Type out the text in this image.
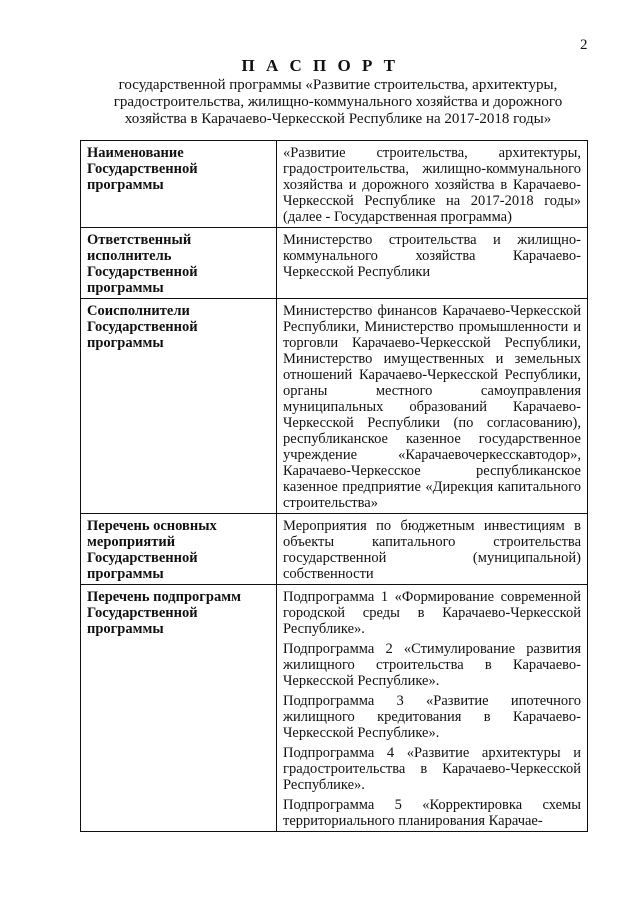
2
П А С П О Р Т
государственной программы «Развитие строительства, архитектуры, градостроительства, жилищно-коммунального хозяйства и дорожного хозяйства в Карачаево-Черкесской Республике на 2017-2018 годы»
Наименование Государственной программы	«Развитие строительства, архитектуры, градостроительства, жилищно-коммунального хозяйства и дорожного хозяйства в Карачаево-Черкесской Республике на 2017-2018 годы» (далее - Государственная программа)
Ответственный исполнитель Государственной программы	Министерство строительства и жилищно-коммунального хозяйства Карачаево-Черкесской Республики
Соисполнители Государственной программы	Министерство финансов Карачаево-Черкесской Республики, Министерство промышленности и торговли Карачаево-Черкесской Республики, Министерство имущественных и земельных отношений Карачаево-Черкесской Республики, органы местного самоуправления муниципальных образований Карачаево-Черкесской Республики (по согласованию), республиканское казенное государственное учреждение «Карачаевочеркесскавтодор», Карачаево-Черкесское республиканское казенное предприятие «Дирекция капитального строительства»
Перечень основных мероприятий Государственной программы	Мероприятия по бюджетным инвестициям в объекты капитального строительства государственной (муниципальной) собственности
Перечень подпрограмм Государственной программы	Подпрограмма 1 «Формирование современной городской среды в Карачаево-Черкесской Республике».
Подпрограмма 2 «Стимулирование развития жилищного строительства в Карачаево-Черкесской Республике».
Подпрограмма 3 «Развитие ипотечного жилищного кредитования в Карачаево-Черкесской Республике».
Подпрограмма 4 «Развитие архитектуры и градостроительства в Карачаево-Черкесской Республике».
Подпрограмма 5 «Корректировка схемы территориального планирования Карачае-
